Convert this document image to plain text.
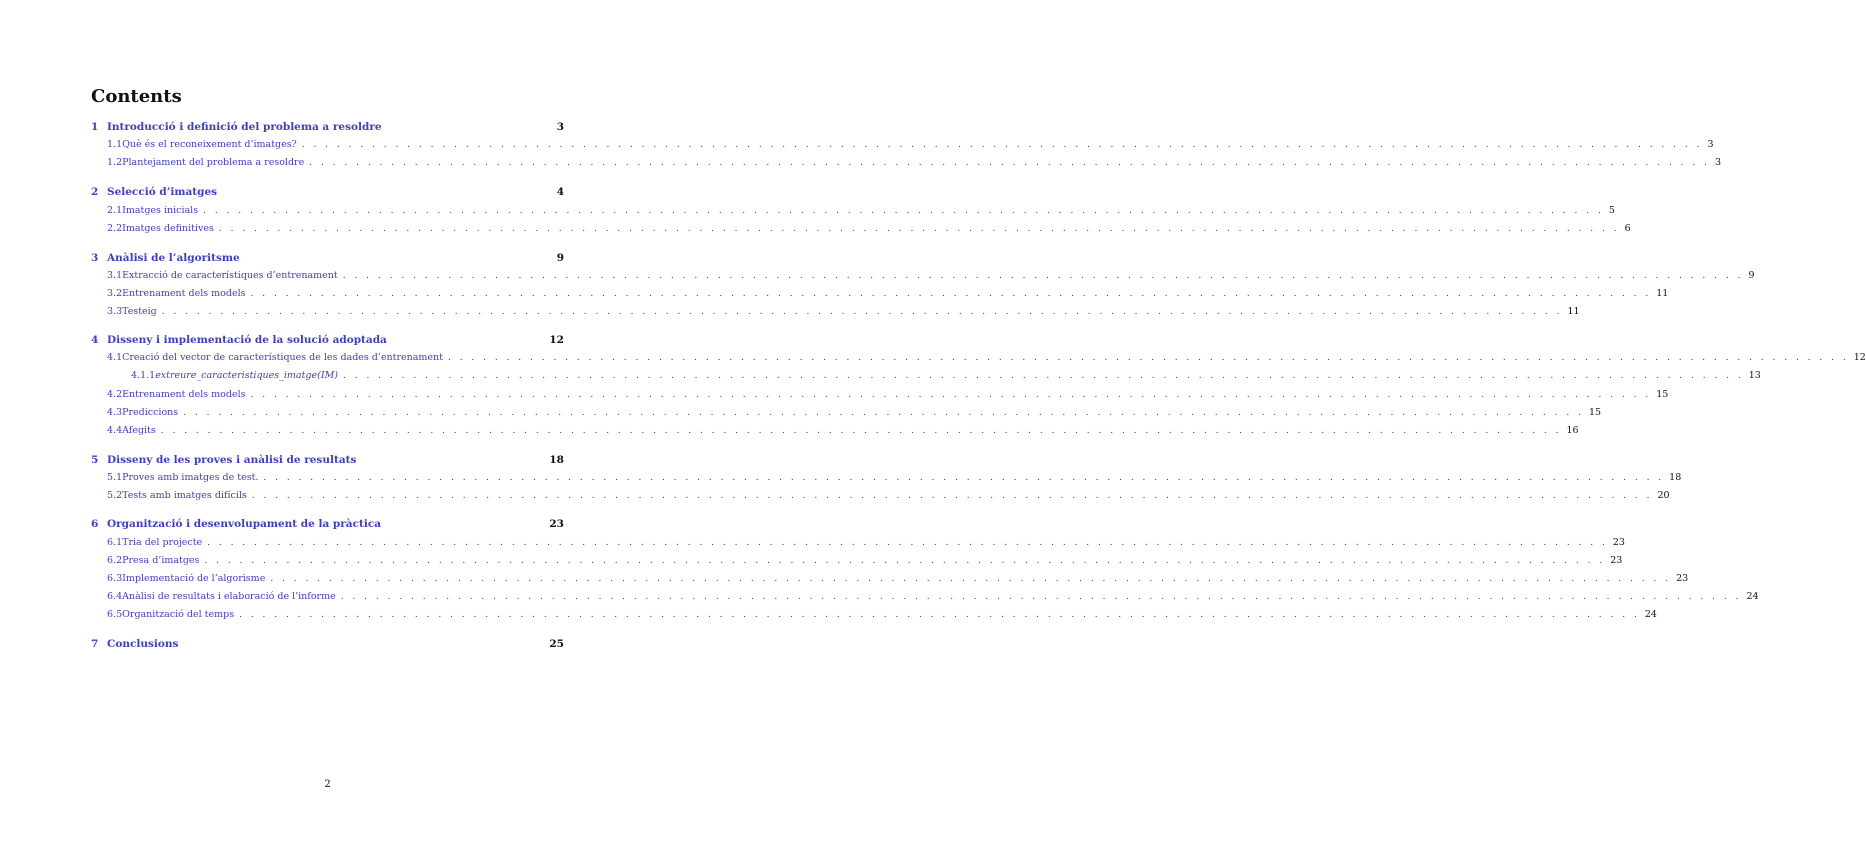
Contents
1 Introducció i definició del problema a resoldre	3
1.1 Què és el reconeixement d’imatges? . . . . . . . . . . . . . . . . . . . . . . . . . . . . . . . . . . . . . . . . . . . . . . . . . . . . . . . . . . . . . . . . . . . . . . . . . . . . . . . . . . . . . . . . . . . . . . . . . . . . . . . . . . . . . . . . . . . . . . . . 3
1.2 Plantejament del problema a resoldre . . . . . . . . . . . . . . . . . . . . . . . . . . . . . . . . . . . . . . . . . . . . . . . . . . . . . . . . . . . . . . . . . . . . . . . . . . . . . . . . . . . . . . . . . . . . . . . . . . . . . . . . . . . . . . . . . . . . . . . . 3
2 Selecció d’imatges	4
2.1 Imatges inicials . . . . . . . . . . . . . . . . . . . . . . . . . . . . . . . . . . . . . . . . . . . . . . . . . . . . . . . . . . . . . . . . . . . . . . . . . . . . . . . . . . . . . . . . . . . . . . . . . . . . . . . . . . . . . . . . . . . . . . . . 5
2.2 Imatges definitives . . . . . . . . . . . . . . . . . . . . . . . . . . . . . . . . . . . . . . . . . . . . . . . . . . . . . . . . . . . . . . . . . . . . . . . . . . . . . . . . . . . . . . . . . . . . . . . . . . . . . . . . . . . . . . . . . . . . . . . . 6
3 Anàlisi de l’algoritsme	9
3.1 Extracció de característiques d’entrenament . . . . . . . . . . . . . . . . . . . . . . . . . . . . . . . . . . . . . . . . . . . . . . . . . . . . . . . . . . . . . . . . . . . . . . . . . . . . . . . . . . . . . . . . . . . . . . . . . . . . . . . . . . . . . . . . . . . . . . . . 9
3.2 Entrenament dels models . . . . . . . . . . . . . . . . . . . . . . . . . . . . . . . . . . . . . . . . . . . . . . . . . . . . . . . . . . . . . . . . . . . . . . . . . . . . . . . . . . . . . . . . . . . . . . . . . . . . . . . . . . . . . . . . . . . . . . . . 11
3.3 Testeig . . . . . . . . . . . . . . . . . . . . . . . . . . . . . . . . . . . . . . . . . . . . . . . . . . . . . . . . . . . . . . . . . . . . . . . . . . . . . . . . . . . . . . . . . . . . . . . . . . . . . . . . . . . . . . . . . . . . . . . . 11
4 Disseny i implementació de la solució adoptada	12
4.1 Creació del vector de característiques de les dades d’entrenament . . . . . . . . . . . . . . . . . . . . . . . . . . . . . . . . . . . . . . . . . . . . . . . . . . . . . . . . . . . . . . . . . . . . . . . . . . . . . . . . . . . . . . . . . . . . . . . . . . . . . . . . . . . . . . . . . . . . . . . . 12
4.1.1 extreure_caracteristiques_imatge(IM) . . . . . . . . . . . . . . . . . . . . . . . . . . . . . . . . . . . . . . . . . . . . . . . . . . . . . . . . . . . . . . . . . . . . . . . . . . . . . . . . . . . . . . . . . . . . . . . . . . . . . . . . . . . . . . . . . . . . . . . . 13
4.2 Entrenament dels models . . . . . . . . . . . . . . . . . . . . . . . . . . . . . . . . . . . . . . . . . . . . . . . . . . . . . . . . . . . . . . . . . . . . . . . . . . . . . . . . . . . . . . . . . . . . . . . . . . . . . . . . . . . . . . . . . . . . . . . . 15
4.3 Prediccions . . . . . . . . . . . . . . . . . . . . . . . . . . . . . . . . . . . . . . . . . . . . . . . . . . . . . . . . . . . . . . . . . . . . . . . . . . . . . . . . . . . . . . . . . . . . . . . . . . . . . . . . . . . . . . . . . . . . . . . . 15
4.4 Afegits . . . . . . . . . . . . . . . . . . . . . . . . . . . . . . . . . . . . . . . . . . . . . . . . . . . . . . . . . . . . . . . . . . . . . . . . . . . . . . . . . . . . . . . . . . . . . . . . . . . . . . . . . . . . . . . . . . . . . . . . 16
5 Disseny de les proves i anàlisi de resultats	18
5.1 Proves amb imatges de test. . . . . . . . . . . . . . . . . . . . . . . . . . . . . . . . . . . . . . . . . . . . . . . . . . . . . . . . . . . . . . . . . . . . . . . . . . . . . . . . . . . . . . . . . . . . . . . . . . . . . . . . . . . . . . . . . . . . . . . . . 18
5.2 Tests amb imatges difícils . . . . . . . . . . . . . . . . . . . . . . . . . . . . . . . . . . . . . . . . . . . . . . . . . . . . . . . . . . . . . . . . . . . . . . . . . . . . . . . . . . . . . . . . . . . . . . . . . . . . . . . . . . . . . . . . . . . . . . . . 20
6 Organització i desenvolupament de la pràctica	23
6.1 Tria del projecte . . . . . . . . . . . . . . . . . . . . . . . . . . . . . . . . . . . . . . . . . . . . . . . . . . . . . . . . . . . . . . . . . . . . . . . . . . . . . . . . . . . . . . . . . . . . . . . . . . . . . . . . . . . . . . . . . . . . . . . . 23
6.2 Presa d’imatges . . . . . . . . . . . . . . . . . . . . . . . . . . . . . . . . . . . . . . . . . . . . . . . . . . . . . . . . . . . . . . . . . . . . . . . . . . . . . . . . . . . . . . . . . . . . . . . . . . . . . . . . . . . . . . . . . . . . . . . . 23
6.3 Implementació de l’algorisme . . . . . . . . . . . . . . . . . . . . . . . . . . . . . . . . . . . . . . . . . . . . . . . . . . . . . . . . . . . . . . . . . . . . . . . . . . . . . . . . . . . . . . . . . . . . . . . . . . . . . . . . . . . . . . . . . . . . . . . . 23
6.4 Anàlisi de resultats i elaboració de l’informe . . . . . . . . . . . . . . . . . . . . . . . . . . . . . . . . . . . . . . . . . . . . . . . . . . . . . . . . . . . . . . . . . . . . . . . . . . . . . . . . . . . . . . . . . . . . . . . . . . . . . . . . . . . . . . . . . . . . . . . . 24
6.5 Organització del temps . . . . . . . . . . . . . . . . . . . . . . . . . . . . . . . . . . . . . . . . . . . . . . . . . . . . . . . . . . . . . . . . . . . . . . . . . . . . . . . . . . . . . . . . . . . . . . . . . . . . . . . . . . . . . . . . . . . . . . . . 24
7 Conclusions	25
2
